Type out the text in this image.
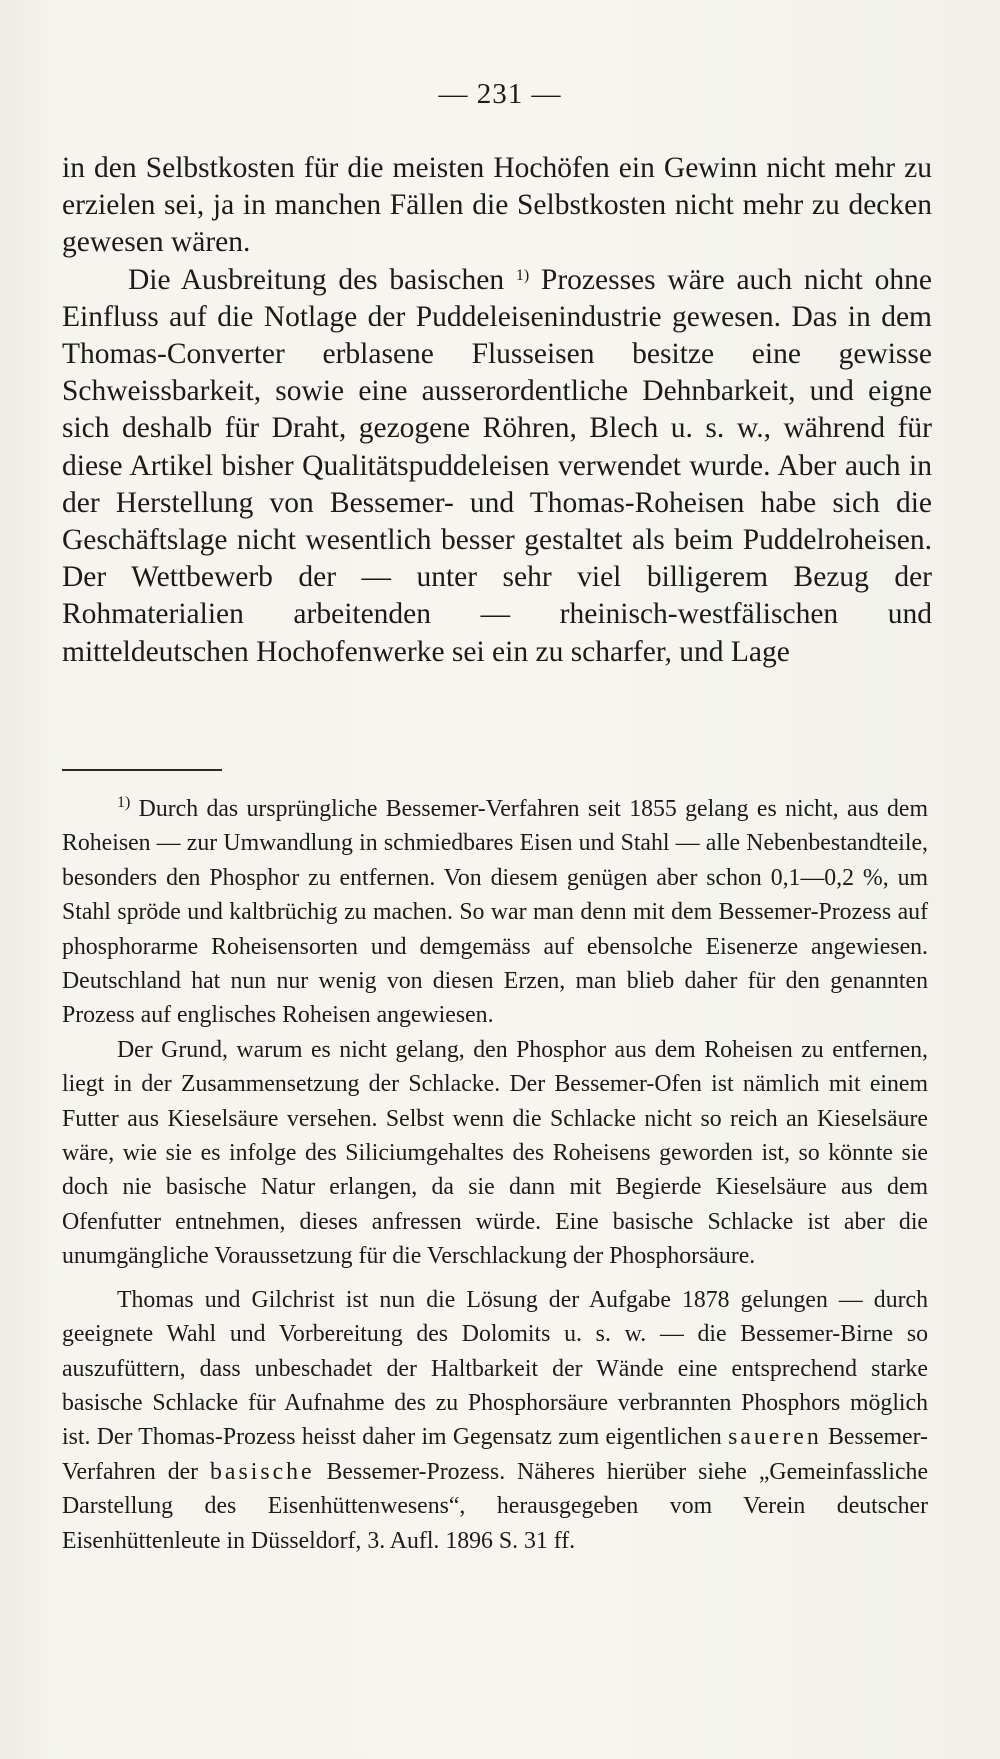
— 231 —

in den Selbstkosten für die meisten Hochöfen ein Gewinn nicht mehr zu erzielen sei, ja in manchen Fällen die Selbstkosten nicht mehr zu decken gewesen wären.

Die Ausbreitung des basischen $^{1)}$ Prozesses wäre auch nicht ohne Einfluss auf die Notlage der Puddeleisenindustrie gewesen. Das in dem Thomas-Converter erblasene Flusseisen besitze eine gewisse Schweissbarkeit, sowie eine ausserordentliche Dehnbarkeit, und eigne sich deshalb für Draht, gezogene Röhren, Blech u. s. w., während für diese Artikel bisher Qualitätspuddeleisen verwendet wurde. Aber auch in der Herstellung von Bessemer- und Thomas-Roheisen habe sich die Geschäftslage nicht wesentlich besser gestaltet als beim Puddelroheisen. Der Wettbewerb der — unter sehr viel billigerem Bezug der Rohmaterialien arbeitenden — rheinisch-westfälischen und mitteldeutschen Hochofenwerke sei ein zu scharfer, und Lage

$^{1)}$ Durch das ursprüngliche Bessemer-Verfahren seit 1855 gelang es nicht, aus dem Roheisen — zur Umwandlung in schmiedbares Eisen und Stahl — alle Nebenbestandteile, besonders den Phosphor zu entfernen. Von diesem genügen aber schon 0,1—0,2 %, um Stahl spröde und kaltbrüchig zu machen. So war man denn mit dem Bessemer-Prozess auf phosphorarme Roheisensorten und demgemäss auf ebensolche Eisenerze angewiesen. Deutschland hat nun nur wenig von diesen Erzen, man blieb daher für den genannten Prozess auf englisches Roheisen angewiesen.

Der Grund, warum es nicht gelang, den Phosphor aus dem Roheisen zu entfernen, liegt in der Zusammensetzung der Schlacke. Der Bessemer-Ofen ist nämlich mit einem Futter aus Kieselsäure versehen. Selbst wenn die Schlacke nicht so reich an Kieselsäure wäre, wie sie es infolge des Siliciumgehaltes des Roheisens geworden ist, so könnte sie doch nie basische Natur erlangen, da sie dann mit Begierde Kieselsäure aus dem Ofenfutter entnehmen, dieses anfressen würde. Eine basische Schlacke ist aber die unumgängliche Voraussetzung für die Verschlackung der Phosphorsäure.

Thomas und Gilchrist ist nun die Lösung der Aufgabe 1878 gelungen — durch geeignete Wahl und Vorbereitung des Dolomits u. s. w. — die Bessemer-Birne so auszufüttern, dass unbeschadet der Haltbarkeit der Wände eine entsprechend starke basische Schlacke für Aufnahme des zu Phosphorsäure verbrannten Phosphors möglich ist. Der Thomas-Prozess heisst daher im Gegensatz zum eigentlichen saueren Bessemer-Verfahren der basische Bessemer-Prozess. Näheres hierüber siehe „Gemeinfassliche Darstellung des Eisenhüttenwesens“, herausgegeben vom Verein deutscher Eisenhüttenleute in Düsseldorf, 3. Aufl. 1896 S. 31 ff.
